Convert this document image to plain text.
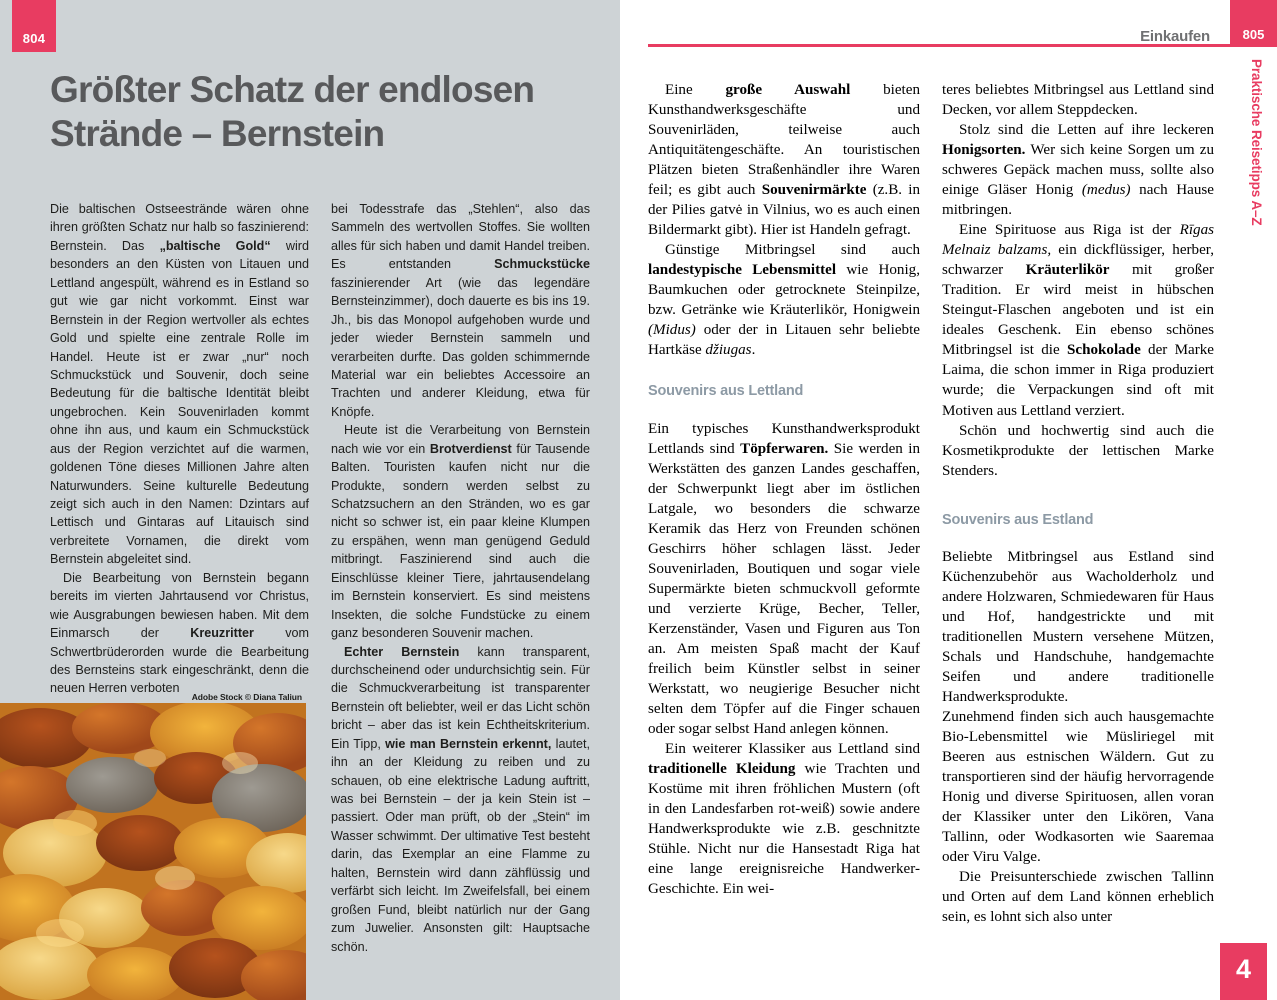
804
Größter Schatz der endlosen Strände – Bernstein

Die baltischen Ostseestrände wären ohne ihren größten Schatz nur halb so faszinierend: Bernstein. Das „baltische Gold“ wird besonders an den Küsten von Litauen und Lettland angespült, während es in Estland so gut wie gar nicht vorkommt. Einst war Bernstein in der Region wertvoller als echtes Gold und spielte eine zentrale Rolle im Handel. Heute ist er zwar „nur“ noch Schmuckstück und Souvenir, doch seine Bedeutung für die baltische Identität bleibt ungebrochen. Kein Souvenirladen kommt ohne ihn aus, und kaum ein Schmuckstück aus der Region verzichtet auf die warmen, goldenen Töne dieses Millionen Jahre alten Naturwunders. Seine kulturelle Bedeutung zeigt sich auch in den Namen: Dzintars auf Lettisch und Gintaras auf Litauisch sind verbreitete Vornamen, die direkt vom Bernstein abgeleitet sind.

Die Bearbeitung von Bernstein begann bereits im vierten Jahrtausend vor Christus, wie Ausgrabungen bewiesen haben. Mit dem Einmarsch der Kreuzritter vom Schwertbrüderorden wurde die Bearbeitung des Bernsteins stark eingeschränkt, denn die neuen Herren verboten

bei Todesstrafe das „Stehlen“, also das Sammeln des wertvollen Stoffes. Sie wollten alles für sich haben und damit Handel treiben. Es entstanden Schmuckstücke faszinierender Art (wie das legendäre Bernsteinzimmer), doch dauerte es bis ins 19. Jh., bis das Monopol aufgehoben wurde und jeder wieder Bernstein sammeln und verarbeiten durfte. Das golden schimmernde Material war ein beliebtes Accessoire an Trachten und anderer Kleidung, etwa für Knöpfe.

Heute ist die Verarbeitung von Bernstein nach wie vor ein Brotverdienst für Tausende Balten. Touristen kaufen nicht nur die Produkte, sondern werden selbst zu Schatzsuchern an den Stränden, wo es gar nicht so schwer ist, ein paar kleine Klumpen zu erspähen, wenn man genügend Geduld mitbringt. Faszinierend sind auch die Einschlüsse kleiner Tiere, jahrtausendelang im Bernstein konserviert. Es sind meistens Insekten, die solche Fundstücke zu einem ganz besonderen Souvenir machen.

Echter Bernstein kann transparent, durchscheinend oder undurchsichtig sein. Für die Schmuckverarbeitung ist transparenter Bernstein oft beliebter, weil er das Licht schön bricht – aber das ist kein Echtheitskriterium. Ein Tipp, wie man Bernstein erkennt, lautet, ihn an der Kleidung zu reiben und zu schauen, ob eine elektrische Ladung auftritt, was bei Bernstein – der ja kein Stein ist – passiert. Oder man prüft, ob der „Stein“ im Wasser schwimmt. Der ultimative Test besteht darin, das Exemplar an eine Flamme zu halten, Bernstein wird dann zähflüssig und verfärbt sich leicht. Im Zweifelsfall, bei einem großen Fund, bleibt natürlich nur der Gang zum Juwelier. Ansonsten gilt: Hauptsache schön.

Adobe Stock © Diana Taliun
Einkaufen	805
Praktische Reisetipps A–Z
4

Eine große Auswahl bieten Kunsthandwerksgeschäfte und Souvenirläden, teilweise auch Antiquitätengeschäfte. An touristischen Plätzen bieten Straßenhändler ihre Waren feil; es gibt auch Souvenirmärkte (z.B. in der Pilies gatvė in Vilnius, wo es auch einen Bildermarkt gibt). Hier ist Handeln gefragt.

Günstige Mitbringsel sind auch landestypische Lebensmittel wie Honig, Baumkuchen oder getrocknete Steinpilze, bzw. Getränke wie Kräuterlikör, Honigwein (Midus) oder der in Litauen sehr beliebte Hartkäse džiugas.

Souvenirs aus Lettland

Ein typisches Kunsthandwerksprodukt Lettlands sind Töpferwaren. Sie werden in Werkstätten des ganzen Landes geschaffen, der Schwerpunkt liegt aber im östlichen Latgale, wo besonders die schwarze Keramik das Herz von Freunden schönen Geschirrs höher schlagen lässt. Jeder Souvenirladen, Boutiquen und sogar viele Supermärkte bieten schmuckvoll geformte und verzierte Krüge, Becher, Teller, Kerzenständer, Vasen und Figuren aus Ton an. Am meisten Spaß macht der Kauf freilich beim Künstler selbst in seiner Werkstatt, wo neugierige Besucher nicht selten dem Töpfer auf die Finger schauen oder sogar selbst Hand anlegen können.

Ein weiterer Klassiker aus Lettland sind traditionelle Kleidung wie Trachten und Kostüme mit ihren fröhlichen Mustern (oft in den Landesfarben rot-weiß) sowie andere Handwerksprodukte wie z.B. geschnitzte Stühle. Nicht nur die Hansestadt Riga hat eine lange ereignisreiche Handwerker-Geschichte. Ein wei-

teres beliebtes Mitbringsel aus Lettland sind Decken, vor allem Steppdecken.

Stolz sind die Letten auf ihre leckeren Honigsorten. Wer sich keine Sorgen um zu schweres Gepäck machen muss, sollte also einige Gläser Honig (medus) nach Hause mitbringen.

Eine Spirituose aus Riga ist der Rīgas Melnaiz balzams, ein dickflüssiger, herber, schwarzer Kräuterlikör mit großer Tradition. Er wird meist in hübschen Steingut-Flaschen angeboten und ist ein ideales Geschenk. Ein ebenso schönes Mitbringsel ist die Schokolade der Marke Laima, die schon immer in Riga produziert wurde; die Verpackungen sind oft mit Motiven aus Lettland verziert.

Schön und hochwertig sind auch die Kosmetikprodukte der lettischen Marke Stenders.

Souvenirs aus Estland

Beliebte Mitbringsel aus Estland sind Küchenzubehör aus Wacholderholz und andere Holzwaren, Schmiedewaren für Haus und Hof, handgestrickte und mit traditionellen Mustern versehene Mützen, Schals und Handschuhe, handgemachte Seifen und andere traditionelle Handwerksprodukte.

Zunehmend finden sich auch hausgemachte Bio-Lebensmittel wie Müsliriegel mit Beeren aus estnischen Wäldern. Gut zu transportieren sind der häufig hervorragende Honig und diverse Spirituosen, allen voran der Klassiker unter den Likören, Vana Tallinn, oder Wodkasorten wie Saaremaa oder Viru Valge.

Die Preisunterschiede zwischen Tallinn und Orten auf dem Land können erheblich sein, es lohnt sich also unter
